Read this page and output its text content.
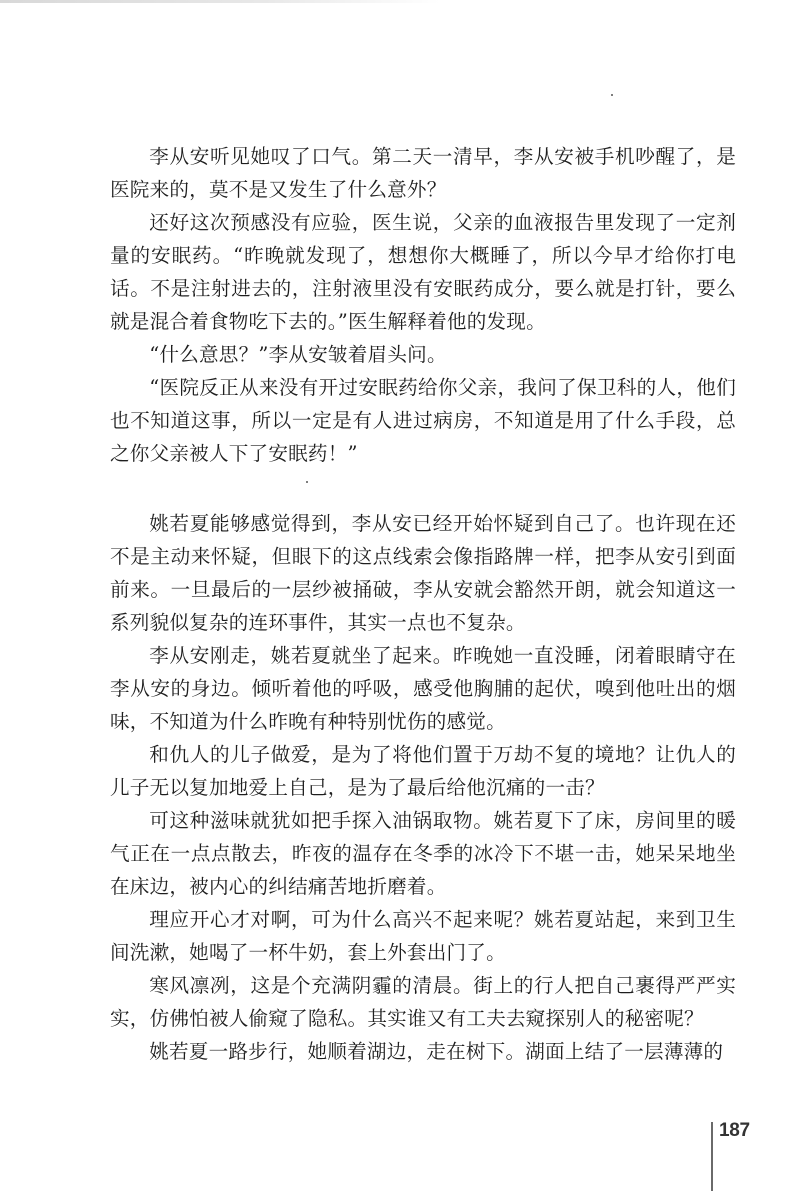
李从安听见她叹了口气。第二天一清早，李从安被手机吵醒了，是医院来的，莫不是又发生了什么意外？

还好这次预感没有应验，医生说，父亲的血液报告里发现了一定剂量的安眠药。“昨晚就发现了，想想你大概睡了，所以今早才给你打电话。不是注射进去的，注射液里没有安眠药成分，要么就是打针，要么就是混合着食物吃下去的。”医生解释着他的发现。

“什么意思？”李从安皱着眉头问。

“医院反正从来没有开过安眠药给你父亲，我问了保卫科的人，他们也不知道这事，所以一定是有人进过病房，不知道是用了什么手段，总之你父亲被人下了安眠药！”

姚若夏能够感觉得到，李从安已经开始怀疑到自己了。也许现在还不是主动来怀疑，但眼下的这点线索会像指路牌一样，把李从安引到面前来。一旦最后的一层纱被捅破，李从安就会豁然开朗，就会知道这一系列貌似复杂的连环事件，其实一点也不复杂。

李从安刚走，姚若夏就坐了起来。昨晚她一直没睡，闭着眼睛守在李从安的身边。倾听着他的呼吸，感受他胸脯的起伏，嗅到他吐出的烟味，不知道为什么昨晚有种特别忧伤的感觉。

和仇人的儿子做爱，是为了将他们置于万劫不复的境地？让仇人的儿子无以复加地爱上自己，是为了最后给他沉痛的一击？

可这种滋味就犹如把手探入油锅取物。姚若夏下了床，房间里的暖气正在一点点散去，昨夜的温存在冬季的冰冷下不堪一击，她呆呆地坐在床边，被内心的纠结痛苦地折磨着。

理应开心才对啊，可为什么高兴不起来呢？姚若夏站起，来到卫生间洗漱，她喝了一杯牛奶，套上外套出门了。

寒风凛冽，这是个充满阴霾的清晨。街上的行人把自己裹得严严实实，仿佛怕被人偷窥了隐私。其实谁又有工夫去窥探别人的秘密呢？

姚若夏一路步行，她顺着湖边，走在树下。湖面上结了一层薄薄的

187
